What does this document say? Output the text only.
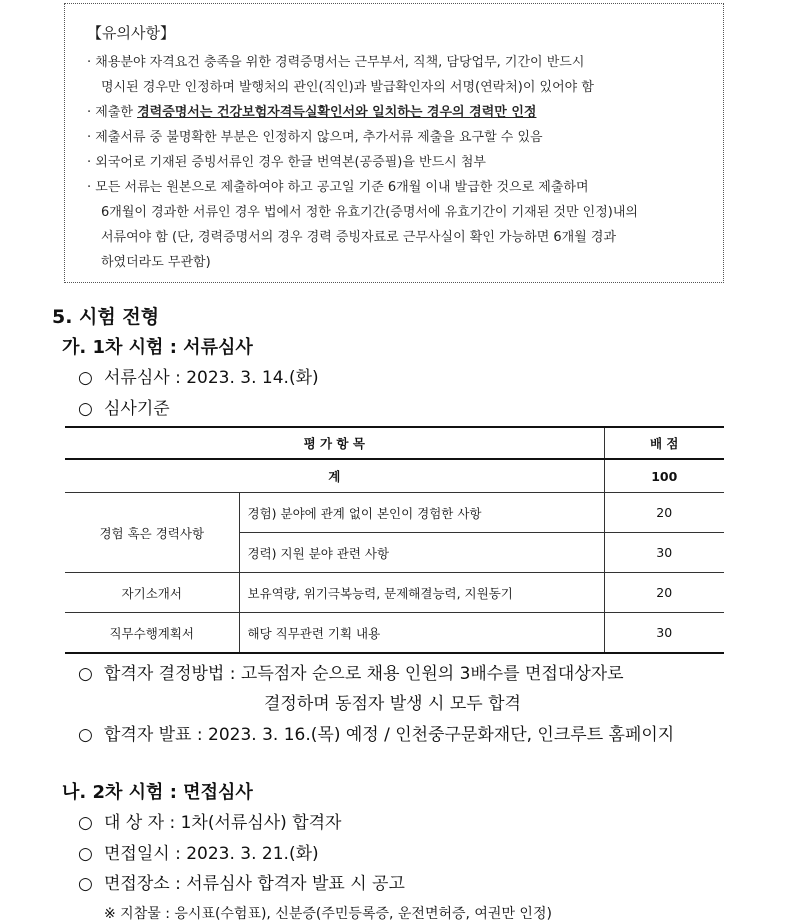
【유의사항】
· 채용분야 자격요건 충족을 위한 경력증명서는 근무부서, 직책, 담당업무, 기간이 반드시
명시된 경우만 인정하며 발행처의 관인(직인)과 발급확인자의 서명(연락처)이 있어야 함
· 제출한 경력증명서는 건강보험자격득실확인서와 일치하는 경우의 경력만 인정
· 제출서류 중 불명확한 부분은 인정하지 않으며, 추가서류 제출을 요구할 수 있음
· 외국어로 기재된 증빙서류인 경우 한글 번역본(공증필)을 반드시 첨부
· 모든 서류는 원본으로 제출하여야 하고 공고일 기준 6개월 이내 발급한 것으로 제출하며
6개월이 경과한 서류인 경우 법에서 정한 유효기간(증명서에 유효기간이 기재된 것만 인정)내의
서류여야 함 (단, 경력증명서의 경우 경력 증빙자료로 근무사실이 확인 가능하면 6개월 경과
하였더라도 무관함)
5. 시험 전형
가. 1차 시험 : 서류심사
○ 서류심사 : 2023. 3. 14.(화)
○ 심사기준
평 가 항 목		배 점
계		100
경험 혹은 경력사항	경험) 분야에 관계 없이 본인이 경험한 사항	20
	경력) 지원 분야 관련 사항	30
자기소개서	보유역량, 위기극복능력, 문제해결능력, 지원동기	20
직무수행계획서	해당 직무관련 기획 내용	30
○ 합격자 결정방법 : 고득점자 순으로 채용 인원의 3배수를 면접대상자로
결정하며 동점자 발생 시 모두 합격
○ 합격자 발표 : 2023. 3. 16.(목) 예정 / 인천중구문화재단, 인크루트 홈페이지
나. 2차 시험 : 면접심사
○ 대 상 자 : 1차(서류심사) 합격자
○ 면접일시 : 2023. 3. 21.(화)
○ 면접장소 : 서류심사 합격자 발표 시 공고
※ 지참물 : 응시표(수험표), 신분증(주민등록증, 운전면허증, 여권만 인정)
